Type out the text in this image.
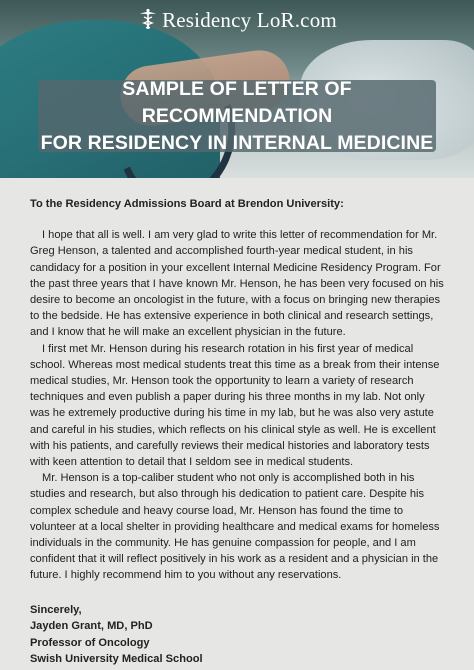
Residency LoR.com
SAMPLE OF LETTER OF RECOMMENDATION
FOR RESIDENCY IN INTERNAL MEDICINE
To the Residency Admissions Board at Brendon University:

I hope that all is well. I am very glad to write this letter of recommendation for Mr. Greg Henson, a talented and accomplished fourth-year medical student, in his candidacy for a position in your excellent Internal Medicine Residency Program. For the past three years that I have known Mr. Henson, he has been very focused on his desire to become an oncologist in the future, with a focus on bringing new therapies to the bedside. He has extensive experience in both clinical and research settings, and I know that he will make an excellent physician in the future.

I first met Mr. Henson during his research rotation in his first year of medical school. Whereas most medical students treat this time as a break from their intense medical studies, Mr. Henson took the opportunity to learn a variety of research techniques and even publish a paper during his three months in my lab. Not only was he extremely productive during his time in my lab, but he was also very astute and careful in his studies, which reflects on his clinical style as well. He is excellent with his patients, and carefully reviews their medical histories and laboratory tests with keen attention to detail that I seldom see in medical students.

Mr. Henson is a top-caliber student who not only is accomplished both in his studies and research, but also through his dedication to patient care. Despite his complex schedule and heavy course load, Mr. Henson has found the time to volunteer at a local shelter in providing healthcare and medical exams for homeless individuals in the community. He has genuine compassion for people, and I am confident that it will reflect positively in his work as a resident and a physician in the future. I highly recommend him to you without any reservations.

Sincerely,
Jayden Grant, MD, PhD
Professor of Oncology
Swish University Medical School
